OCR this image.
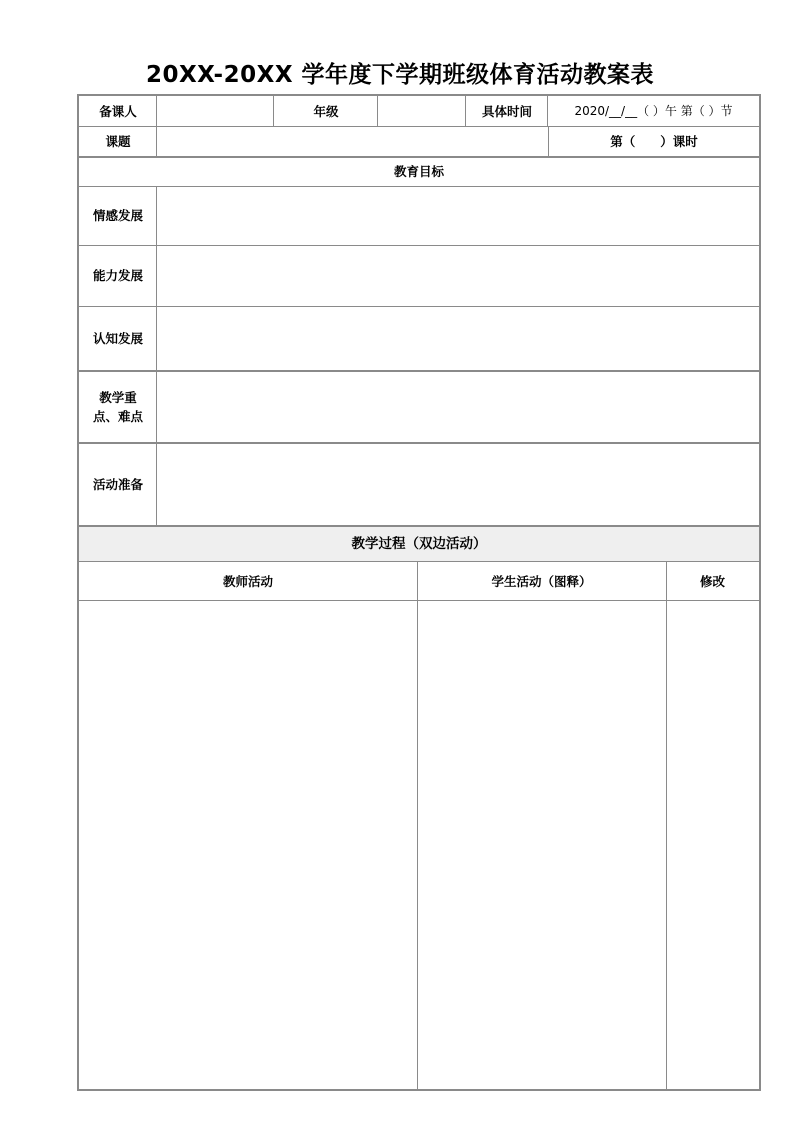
20XX-20XX 学年度下学期班级体育活动教案表
备课人	年级	具体时间	2020/__/__（ ）午 第（ ）节
课题	第（　　）课时
教育目标
情感发展
能力发展
认知发展
教学重
点、难点
活动准备
教学过程（双边活动）
教师活动	学生活动（图释）	修改
